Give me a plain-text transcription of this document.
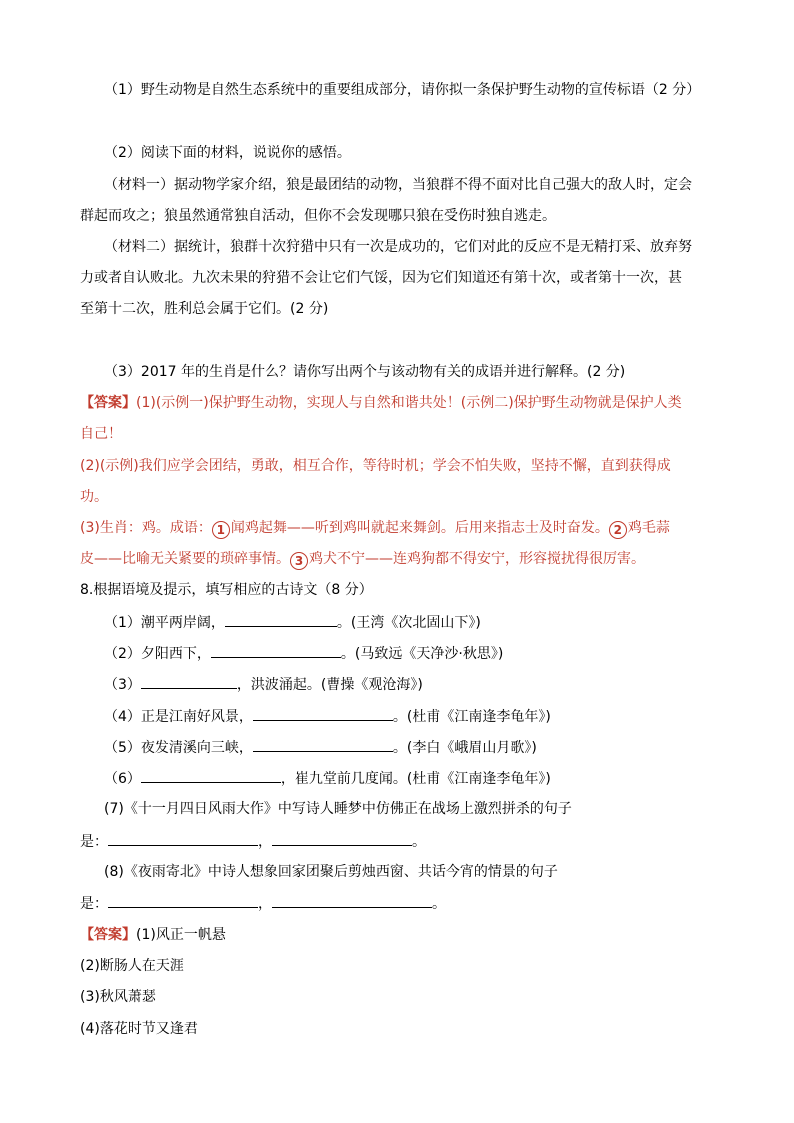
（1）野生动物是自然生态系统中的重要组成部分，请你拟一条保护野生动物的宣传标语（2 分）
（2）阅读下面的材料，说说你的感悟。
（材料一）据动物学家介绍，狼是最团结的动物，当狼群不得不面对比自己强大的敌人时，定会
群起而攻之；狼虽然通常独自活动，但你不会发现哪只狼在受伤时独自逃走。
（材料二）据统计，狼群十次狩猎中只有一次是成功的，它们对此的反应不是无精打采、放弃努
力或者自认败北。九次未果的狩猎不会让它们气馁，因为它们知道还有第十次，或者第十一次，甚
至第十二次，胜利总会属于它们。(2 分)
（3）2017 年的生肖是什么？请你写出两个与该动物有关的成语并进行解释。(2 分)
【答案】(1)(示例一)保护野生动物，实现人与自然和谐共处！(示例二)保护野生动物就是保护人类
自己！
(2)(示例)我们应学会团结，勇敢，相互合作，等待时机；学会不怕失败，坚持不懈，直到获得成
功。
(3)生肖：鸡。成语： 1 闻鸡起舞——听到鸡叫就起来舞剑。后用来指志士及时奋发。 2 鸡毛蒜
皮——比喻无关紧要的琐碎事情。 3 鸡犬不宁——连鸡狗都不得安宁，形容搅扰得很厉害。
8.根据语境及提示，填写相应的古诗文（8 分）
（1）潮平两岸阔，	。(王湾《次北固山下》)
（2）夕阳西下，	。(马致远《天净沙·秋思》)
（3）	，洪波涌起。(曹操《观沧海》)
（4）正是江南好风景，	。(杜甫《江南逢李龟年》)
（5）夜发清溪向三峡，	。(李白《峨眉山月歌》)
（6）	，崔九堂前几度闻。(杜甫《江南逢李龟年》)
(7)《十一月四日风雨大作》中写诗人睡梦中仿佛正在战场上激烈拼杀的句子
是：	，	。
(8)《夜雨寄北》中诗人想象回家团聚后剪烛西窗、共话今宵的情景的句子
是：	，	。
【答案】(1)风正一帆悬
(2)断肠人在天涯
(3)秋风萧瑟
(4)落花时节又逢君
